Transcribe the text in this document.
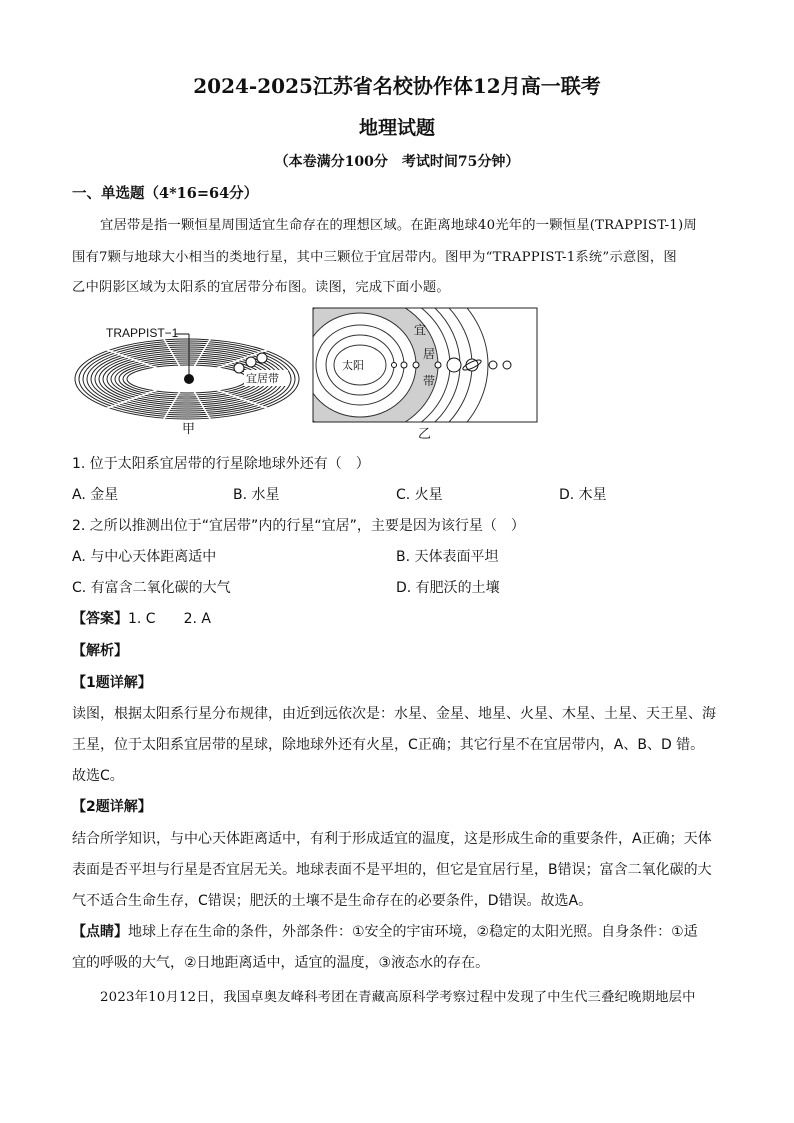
2024-2025江苏省名校协作体12月高一联考
地理试题
（本卷满分100分　考试时间75分钟）
一、单选题（4*16=64分）
宜居带是指一颗恒星周围适宜生命存在的理想区域。在距离地球40光年的一颗恒星(TRAPPIST-1)周
围有7颗与地球大小相当的类地行星，其中三颗位于宜居带内。图甲为“TRAPPIST-1系统”示意图，图
乙中阴影区域为太阳系的宜居带分布图。读图，完成下面小题。
TRAPPIST−1
宜居带
甲
太阳
宜
居
带
乙
1. 位于太阳系宜居带的行星除地球外还有（　）
A. 金星	B. 水星	C. 火星	D. 木星
2. 之所以推测出位于“宜居带”内的行星“宜居”，主要是因为该行星（　）
A. 与中心天体距离适中	B. 天体表面平坦
C. 有富含二氧化碳的大气	D. 有肥沃的土壤
【答案】1. C　　2. A
【解析】
【1题详解】
读图，根据太阳系行星分布规律，由近到远依次是：水星、金星、地星、火星、木星、土星、天王星、海
王星，位于太阳系宜居带的星球，除地球外还有火星，C正确；其它行星不在宜居带内，A、B、D 错。
故选C。
【2题详解】
结合所学知识，与中心天体距离适中，有利于形成适宜的温度，这是形成生命的重要条件，A正确；天体
表面是否平坦与行星是否宜居无关。地球表面不是平坦的，但它是宜居行星，B错误；富含二氧化碳的大
气不适合生命生存，C错误；肥沃的土壤不是生命存在的必要条件，D错误。故选A。
【点睛】地球上存在生命的条件，外部条件：①安全的宇宙环境，②稳定的太阳光照。自身条件：①适
宜的呼吸的大气，②日地距离适中，适宜的温度，③液态水的存在。
2023年10月12日，我国卓奥友峰科考团在青藏高原科学考察过程中发现了中生代三叠纪晚期地层中
